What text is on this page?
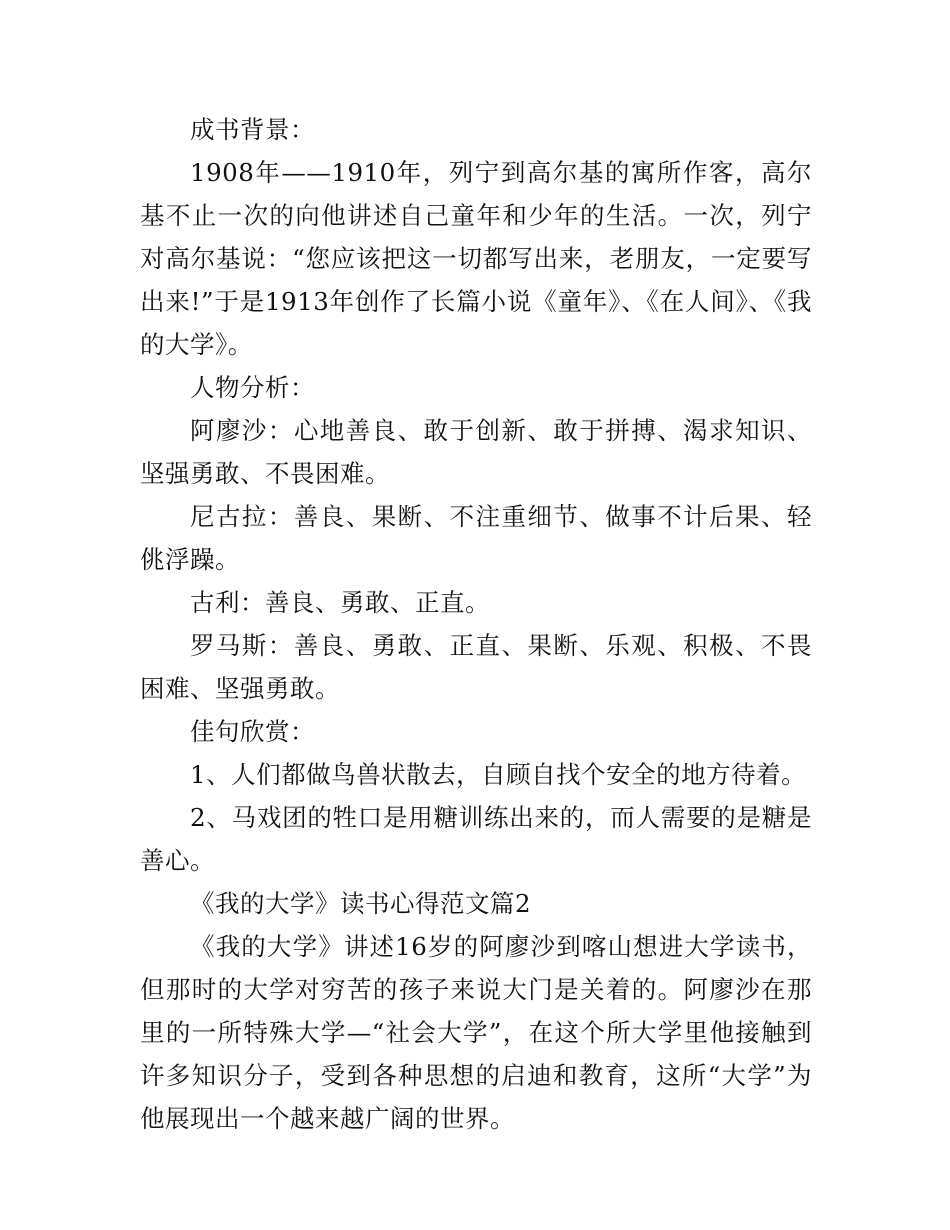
成书背景：

1908年——1910年，列宁到高尔基的寓所作客，高尔基不止一次的向他讲述自己童年和少年的生活。一次，列宁对高尔基说：“您应该把这一切都写出来，老朋友，一定要写出来!”于是1913年创作了长篇小说《童年》、《在人间》、《我的大学》。

人物分析：

阿廖沙：心地善良、敢于创新、敢于拼搏、渴求知识、坚强勇敢、不畏困难。

尼古拉：善良、果断、不注重细节、做事不计后果、轻佻浮躁。

古利：善良、勇敢、正直。

罗马斯：善良、勇敢、正直、果断、乐观、积极、不畏困难、坚强勇敢。

佳句欣赏：

1、人们都做鸟兽状散去，自顾自找个安全的地方待着。

2、马戏团的牲口是用糖训练出来的，而人需要的是糖是善心。

《我的大学》读书心得范文篇2

《我的大学》讲述16岁的阿廖沙到喀山想进大学读书，但那时的大学对穷苦的孩子来说大门是关着的。阿廖沙在那里的一所特殊大学—“社会大学”，在这个所大学里他接触到许多知识分子，受到各种思想的启迪和教育，这所“大学”为他展现出一个越来越广阔的世界。
